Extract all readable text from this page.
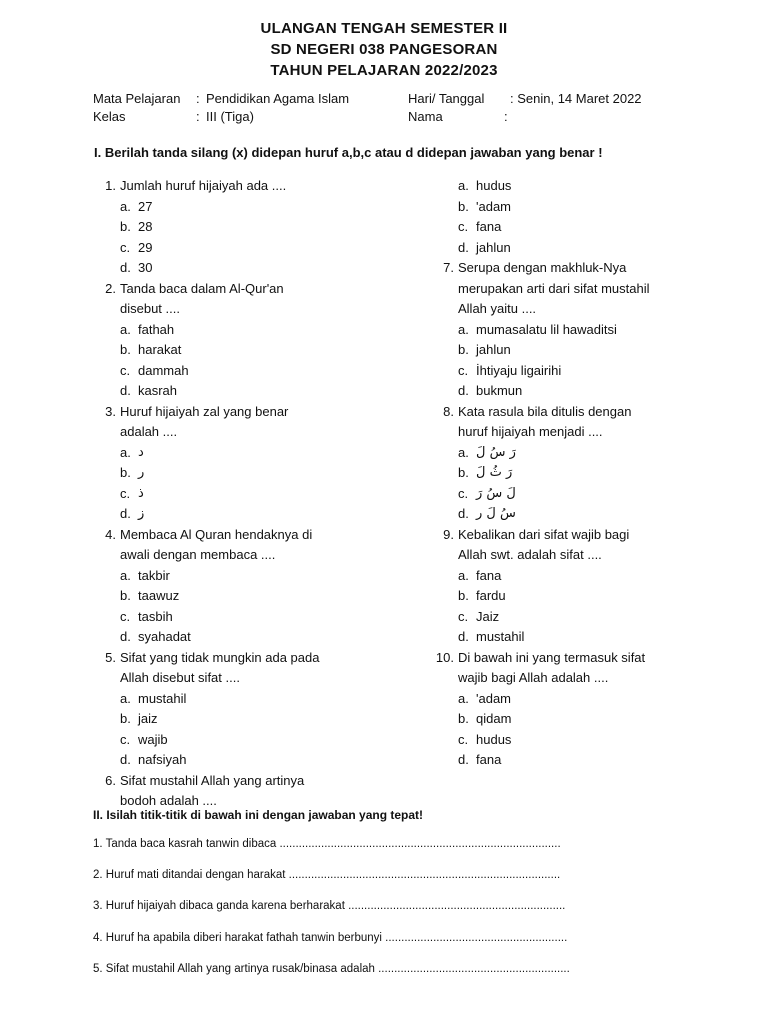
ULANGAN TENGAH SEMESTER II
SD NEGERI 038 PANGESORAN
TAHUN PELAJARAN 2022/2023
Mata Pelajaran : Pendidikan Agama Islam
Kelas	: III (Tiga)
Hari/ Tanggal : Senin, 14 Maret 2022
Nama	:
I. Berilah tanda silang (x) didepan huruf a,b,c atau d didepan jawaban yang benar !
1. Jumlah huruf hijaiyah ada ....
a. 27
b. 28
c. 29
d. 30
2. Tanda baca dalam Al-Qur'an
disebut ....
a. fathah
b. harakat
c. dammah
d. kasrah
3. Huruf hijaiyah zal yang benar
adalah ....
a. د
b. ر
c. ذ
d. ز
4. Membaca Al Quran hendaknya di
awali dengan membaca ....
a. takbir
b. taawuz
c. tasbih
d. syahadat
5. Sifat yang tidak mungkin ada pada
Allah disebut sifat ....
a. mustahil
b. jaiz
c. wajib
d. nafsiyah
6. Sifat mustahil Allah yang artinya
bodoh adalah ....
a. hudus
b. 'adam
c. fana
d. jahlun
7. Serupa dengan makhluk-Nya
merupakan arti dari sifat mustahil
Allah yaitu ....
a. mumasalatu lil hawaditsi
b. jahlun
c. İhtiyaju ligairihi
d. bukmun
8. Kata rasula bila ditulis dengan
huruf hijaiyah menjadi ....
a. رَ سُ لَ
b. رَ ثُ لَ
c. لَ سُ رَ
d. سُ لَ ر
9. Kebalikan dari sifat wajib bagi
Allah swt. adalah sifat ....
a. fana
b. fardu
c. Jaiz
d. mustahil
10. Di bawah ini yang termasuk sifat
wajib bagi Allah adalah ....
a. 'adam
b. qidam
c. hudus
d. fana
II. Isilah titik-titik di bawah ini dengan jawaban yang tepat!
1. Tanda baca kasrah tanwin dibaca ........................................................................................
2. Huruf mati ditandai dengan harakat .....................................................................................
3. Huruf hijaiyah dibaca ganda karena berharakat ....................................................................
4. Huruf ha apabila diberi harakat fathah tanwin berbunyi .........................................................
5. Sifat mustahil Allah yang artinya rusak/binasa adalah ............................................................
